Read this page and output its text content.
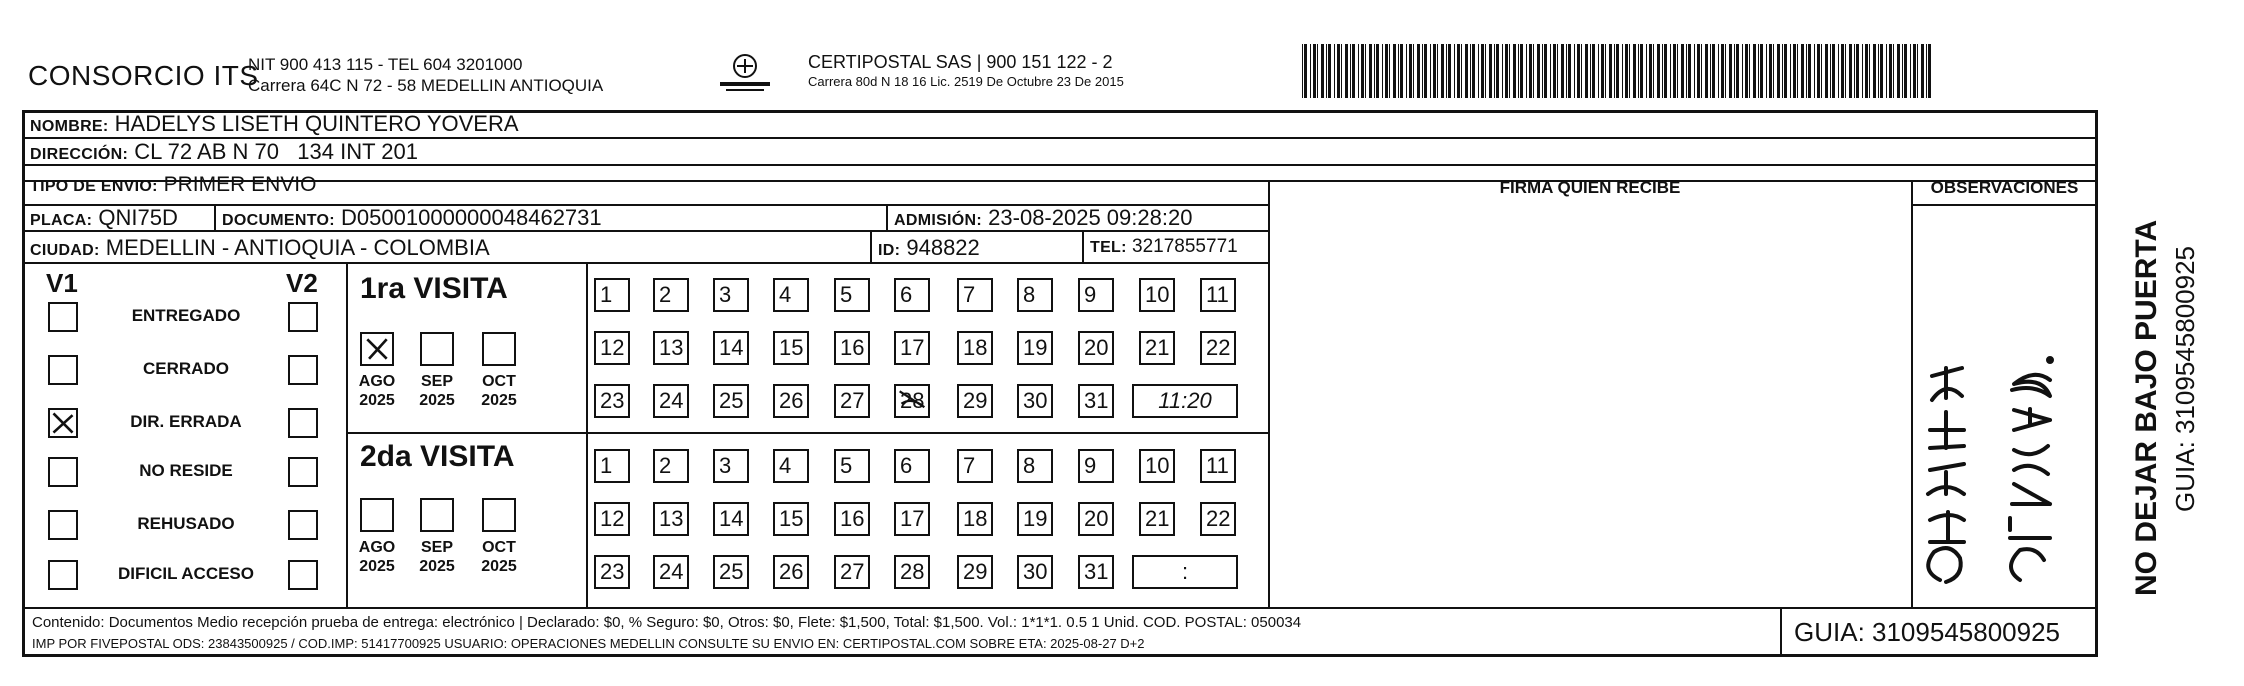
CONSORCIO ITS
NIT 900 413 115 - TEL 604 3201000
Carrera 64C N 72 - 58 MEDELLIN ANTIOQUIA
CERTIPOSTAL SAS | 900 151 122 - 2
Carrera 80d N 18 16 Lic. 2519 De Octubre 23 De 2015
NOMBRE: HADELYS LISETH QUINTERO YOVERA
DIRECCIÓN: CL 72 AB N 70   134 INT 201
TIPO DE ENVIO: PRIMER ENVIO	FIRMA QUIEN RECIBE	OBSERVACIONES
PLACA: QNI75D	DOCUMENTO: D05001000000048462731	ADMISIÓN: 23-08-2025 09:28:20
CIUDAD: MEDELLIN - ANTIOQUIA - COLOMBIA	ID: 948822	TEL: 3217855771
V1	V2
ENTREGADO
CERRADO
DIR. ERRADA
NO RESIDE
REHUSADO
DIFICIL ACCESO
1ra VISITA
AGO
2025
SEP
2025
OCT
2025
1	2	3	4	5	6	7	8	9	10 11
12 13 14 15 16 17 18 19 20 21 22
23 24 25 26 27 28 29 30 31	11:20
2da VISITA
AGO
2025
SEP
2025
OCT
2025
1	2	3	4	5	6	7	8	9	10 11
12 13 14 15 16 17 18 19 20 21 22
23 24 25 26 27 28 29 30 31	:
Contenido: Documentos Medio recepción prueba de entrega: electrónico | Declarado: $0, % Seguro: $0, Otros: $0, Flete: $1,500, Total: $1,500. Vol.: 1*1*1. 0.5 1 Unid. COD. POSTAL: 050034
IMP POR FIVEPOSTAL ODS: 23843500925 / COD.IMP: 51417700925 USUARIO: OPERACIONES MEDELLIN CONSULTE SU ENVIO EN: CERTIPOSTAL.COM SOBRE ETA: 2025-08-27 D+2	GUIA: 3109545800925
NO DEJAR BAJO PUERTA GUIA: 3109545800925
